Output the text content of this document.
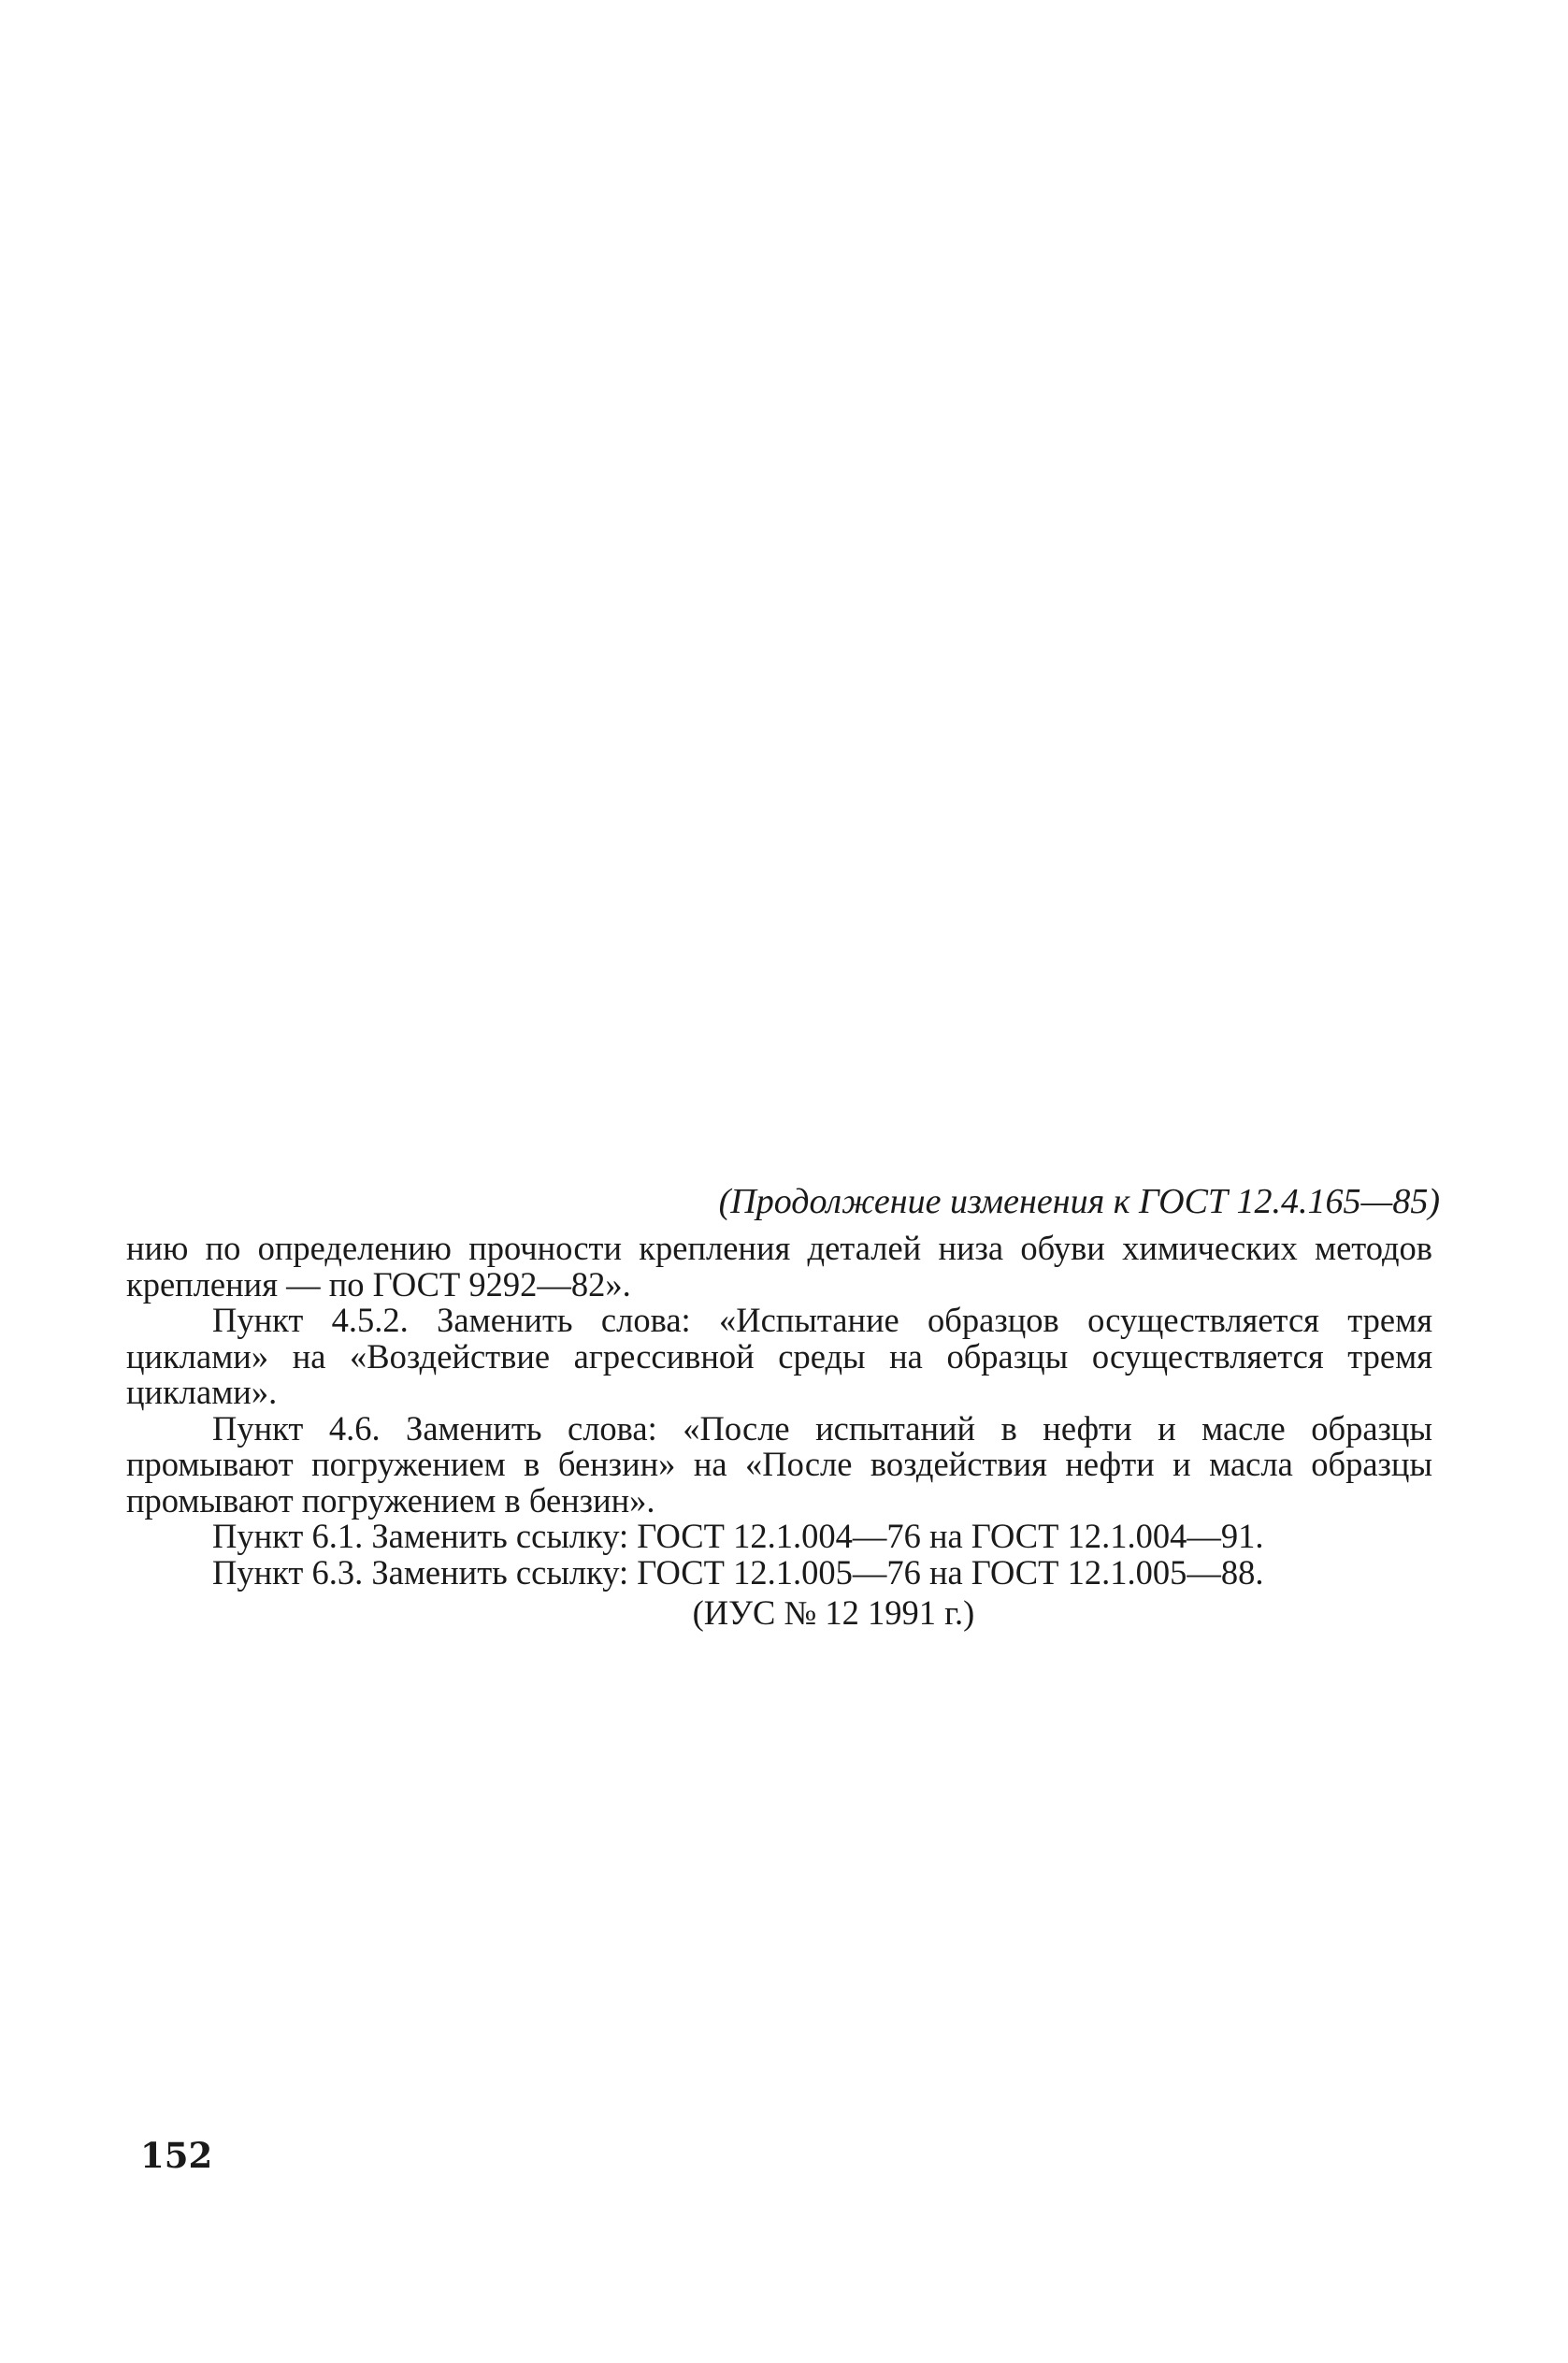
(Продолжение изменения к ГОСТ 12.4.165—85)

нию по определению прочности крепления деталей низа обуви химических методов крепления — по ГОСТ 9292—82».

Пункт 4.5.2. Заменить слова: «Испытание образцов осуществляется тремя циклами» на «Воздействие агрессивной среды на образцы осуществляется тремя циклами».

Пункт 4.6. Заменить слова: «После испытаний в нефти и масле образцы промывают погружением в бензин» на «После воздействия нефти и масла образцы промывают погружением в бензин».

Пункт 6.1. Заменить ссылку: ГОСТ 12.1.004—76 на ГОСТ 12.1.004—91.

Пункт 6.3. Заменить ссылку: ГОСТ 12.1.005—76 на ГОСТ 12.1.005—88.

(ИУС № 12 1991 г.)
152
